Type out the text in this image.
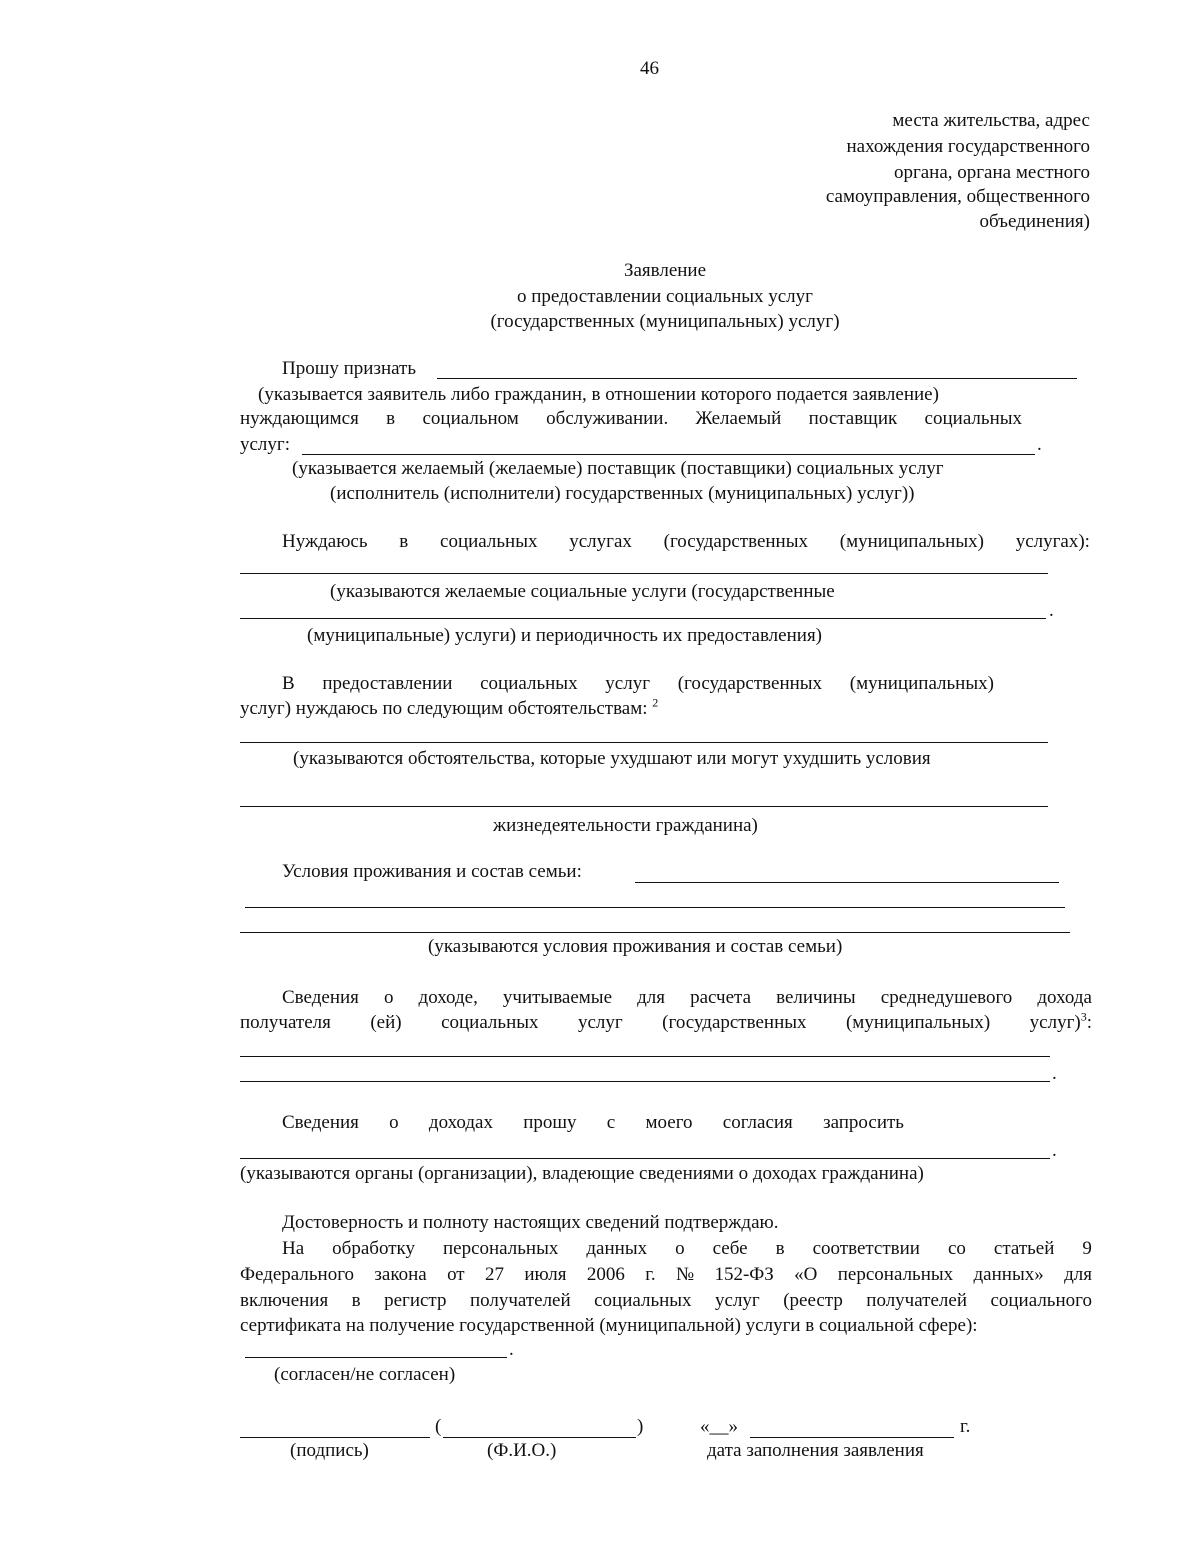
46
места жительства, адрес
нахождения государственного
органа, органа местного
самоуправления, общественного
объединения)
Заявление
о предоставлении социальных услуг
(государственных (муниципальных) услуг)
Прошу признать
(указывается заявитель либо гражданин, в отношении которого подается заявление)
нуждающимся в социальном обслуживании. Желаемый поставщик социальных
услуг:	.
(указывается желаемый (желаемые) поставщик (поставщики) социальных услуг
(исполнитель (исполнители) государственных (муниципальных) услуг))
Нуждаюсь в социальных услугах (государственных (муниципальных) услугах):
(указываются желаемые социальные услуги (государственные
.
(муниципальные) услуги) и периодичность их предоставления)
В предоставлении социальных услуг (государственных (муниципальных)
услуг) нуждаюсь по следующим обстоятельствам: $^2$
(указываются обстоятельства, которые ухудшают или могут ухудшить условия
жизнедеятельности гражданина)
Условия проживания и состав семьи:
(указываются условия проживания и состав семьи)
Сведения о доходе, учитываемые для расчета величины среднедушевого дохода
получателя (ей) социальных услуг (государственных (муниципальных) услуг)$^3$:
.
Сведения о доходах прошу с моего согласия запросить
.
(указываются органы (организации), владеющие сведениями о доходах гражданина)
Достоверность и полноту настоящих сведений подтверждаю.
На обработку персональных данных о себе в соответствии со статьей 9
Федерального закона от 27 июля 2006 г. № 152-ФЗ «О персональных данных» для
включения в регистр получателей социальных услуг (реестр получателей социального
сертификата на получение государственной (муниципальной) услуги в социальной сфере):
.
(согласен/не согласен)
(	)	«__»	г.
(подпись)	(Ф.И.О.)	дата заполнения заявления
